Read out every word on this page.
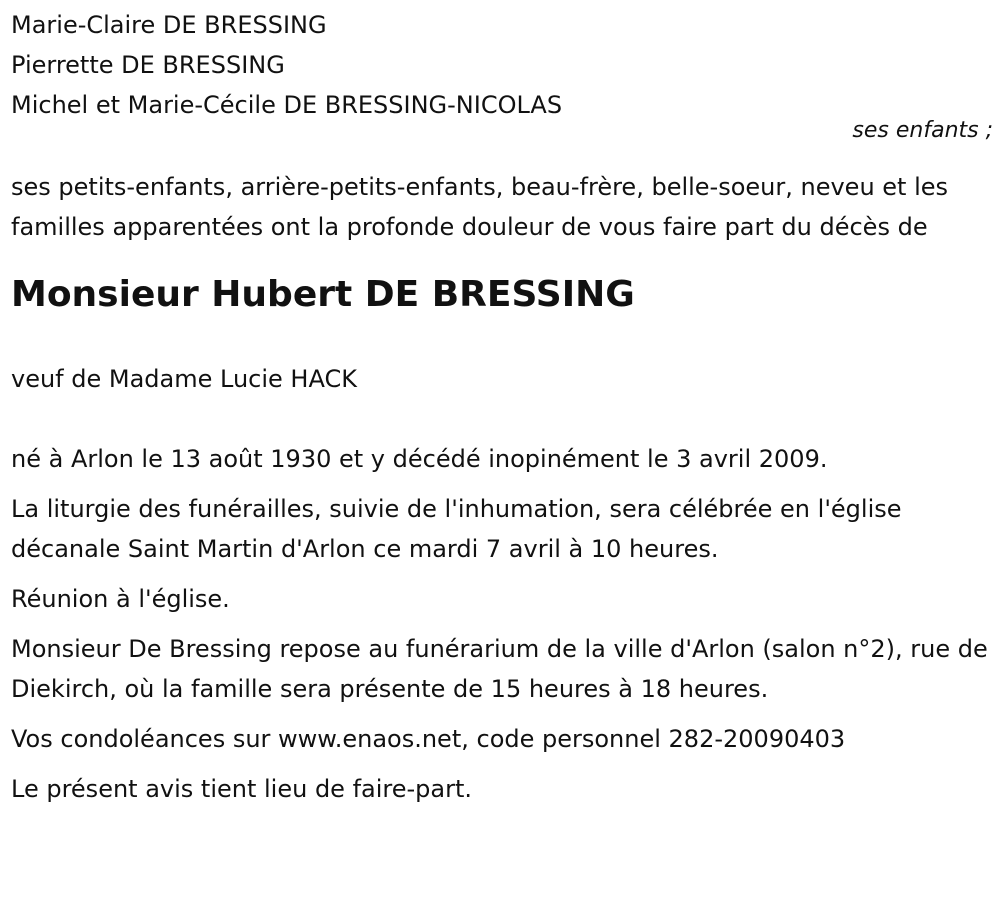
Marie-Claire DE BRESSING
Pierrette DE BRESSING
Michel et Marie-Cécile DE BRESSING-NICOLAS
ses enfants ;
ses petits-enfants, arrière-petits-enfants, beau-frère, belle-soeur, neveu et les familles apparentées ont la profonde douleur de vous faire part du décès de
Monsieur Hubert DE BRESSING
veuf de Madame Lucie HACK
né à Arlon le 13 août 1930 et y décédé inopinément le 3 avril 2009.
La liturgie des funérailles, suivie de l'inhumation, sera célébrée en l'église décanale Saint Martin d'Arlon ce mardi 7 avril à 10 heures.
Réunion à l'église.
Monsieur De Bressing repose au funérarium de la ville d'Arlon (salon n°2), rue de Diekirch, où la famille sera présente de 15 heures à 18 heures.
Vos condoléances sur www.enaos.net, code personnel 282-20090403
Le présent avis tient lieu de faire-part.
